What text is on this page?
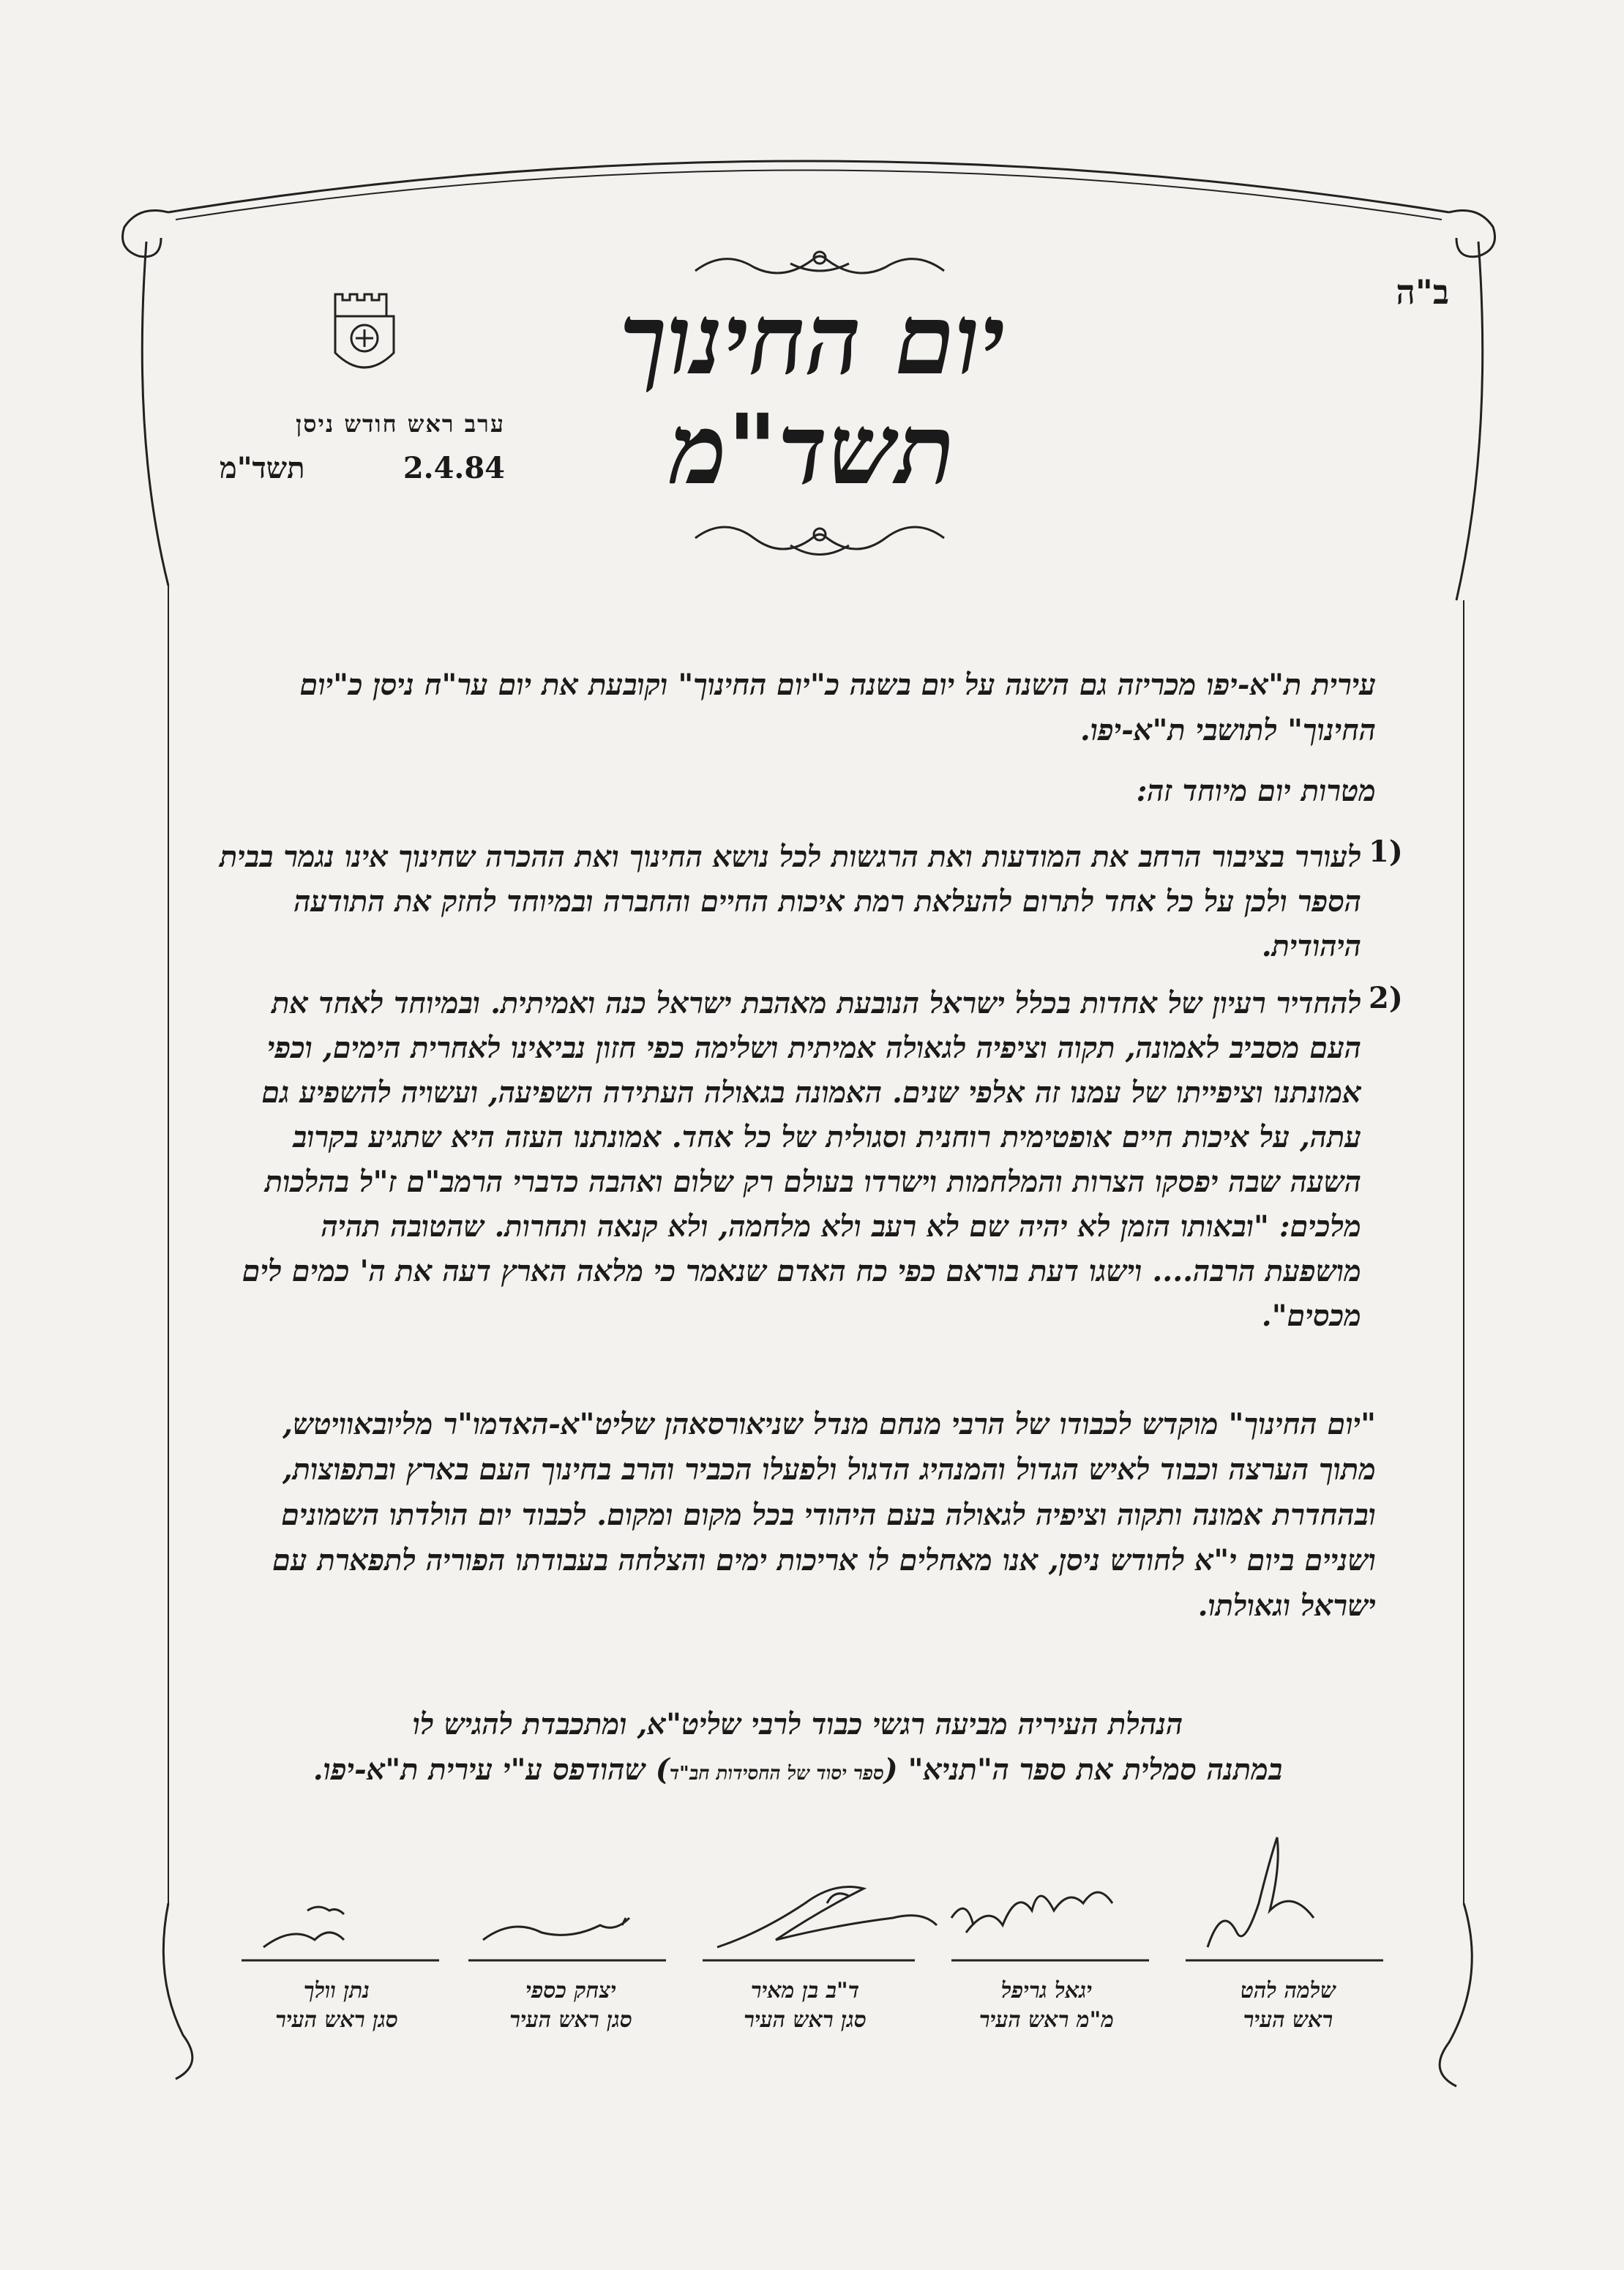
ב"ה
ערב ראש חודש ניסן
תשד"מ	2.4.84
יום החינוך
תשד"מ
עירית ת"א-יפו מכריזה גם השנה על יום בשנה כ"יום החינוך" וקובעת את יום ער"ח ניסן כ"יום החינוך" לתושבי ת"א-יפו.
מטרות יום מיוחד זה:
1)
לעורר בציבור הרחב את המודעות ואת הרגשות לכל נושא החינוך ואת ההכרה שחינוך אינו נגמר בבית הספר ולכן על כל אחד לתרום להעלאת רמת איכות החיים והחברה ובמיוחד לחזק את התודעה היהודית.
2)
להחדיר רעיון של אחדות בכלל ישראל הנובעת מאהבת ישראל כנה ואמיתית. ובמיוחד לאחד את העם מסביב לאמונה, תקוה וציפיה לגאולה אמיתית ושלימה כפי חזון נביאינו לאחרית הימים, וכפי אמונתנו וציפייתו של עמנו זה אלפי שנים. האמונה בגאולה העתידה השפיעה, ועשויה להשפיע גם עתה, על איכות חיים אופטימית רוחנית וסגולית של כל אחד. אמונתנו העזה היא שתגיע בקרוב השעה שבה יפסקו הצרות והמלחמות וישרדו בעולם רק שלום ואהבה כדברי הרמב"ם ז"ל בהלכות מלכים: "ובאותו הזמן לא יהיה שם לא רעב ולא מלחמה, ולא קנאה ותחרות. שהטובה תהיה מושפעת הרבה.... וישגו דעת בוראם כפי כח האדם שנאמר כי מלאה הארץ דעה את ה' כמים לים מכסים".
"יום החינוך" מוקדש לכבודו של הרבי מנחם מנדל שניאורסאהן שליט"א-האדמו"ר מליובאוויטש, מתוך הערצה וכבוד לאיש הגדול והמנהיג הדגול ולפעלו הכביר והרב בחינוך העם בארץ ובתפוצות, ובהחדרת אמונה ותקוה וציפיה לגאולה בעם היהודי בכל מקום ומקום. לכבוד יום הולדתו השמונים ושניים ביום י"א לחודש ניסן, אנו מאחלים לו אריכות ימים והצלחה בעבודתו הפוריה לתפארת עם ישראל וגאולתו.

הנהלת העיריה מביעה רגשי כבוד לרבי שליט"א, ומתכבדת להגיש לו

במתנה סמלית את ספר ה"תניא" (ספר יסוד של החסידות חב"ד) שהודפס ע"י עירית ת"א-יפו.

שלמה להט
ראש העיר
יגאל גריפל
מ"מ ראש העיר
ד"ב בן מאיר
סגן ראש העיר
יצחק כספי
סגן ראש העיר
נתן וולך
סגן ראש העיר
